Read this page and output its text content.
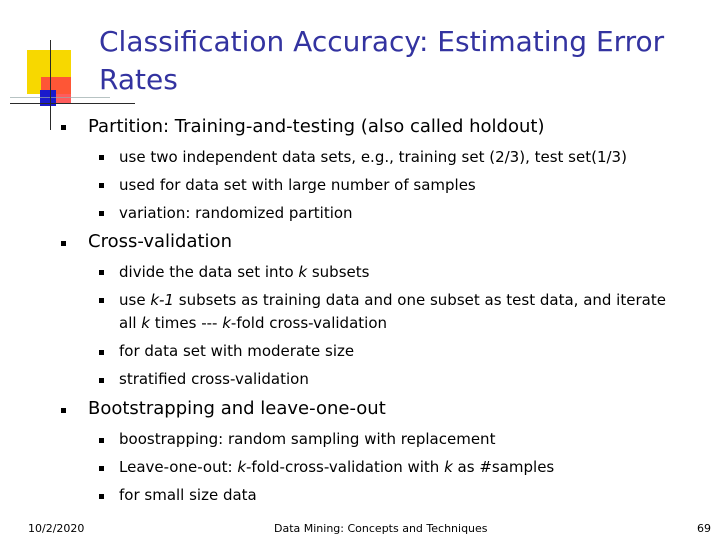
Classification Accuracy: Estimating Error Rates
Partition: Training-and-testing (also called holdout)
use two independent data sets, e.g., training set (2/3), test set(1/3)
used for data set with large number of samples
variation: randomized partition
Cross-validation
divide the data set into k subsets
use k-1 subsets as training data and one subset as test data, and iterate
all k times --- k-fold cross-validation
for data set with moderate size
stratified cross-validation
Bootstrapping and leave-one-out
boostrapping: random sampling with replacement
Leave-one-out: k-fold-cross-validation with k as #samples
for small size data
10/2/2020	Data Mining: Concepts and Techniques	69
